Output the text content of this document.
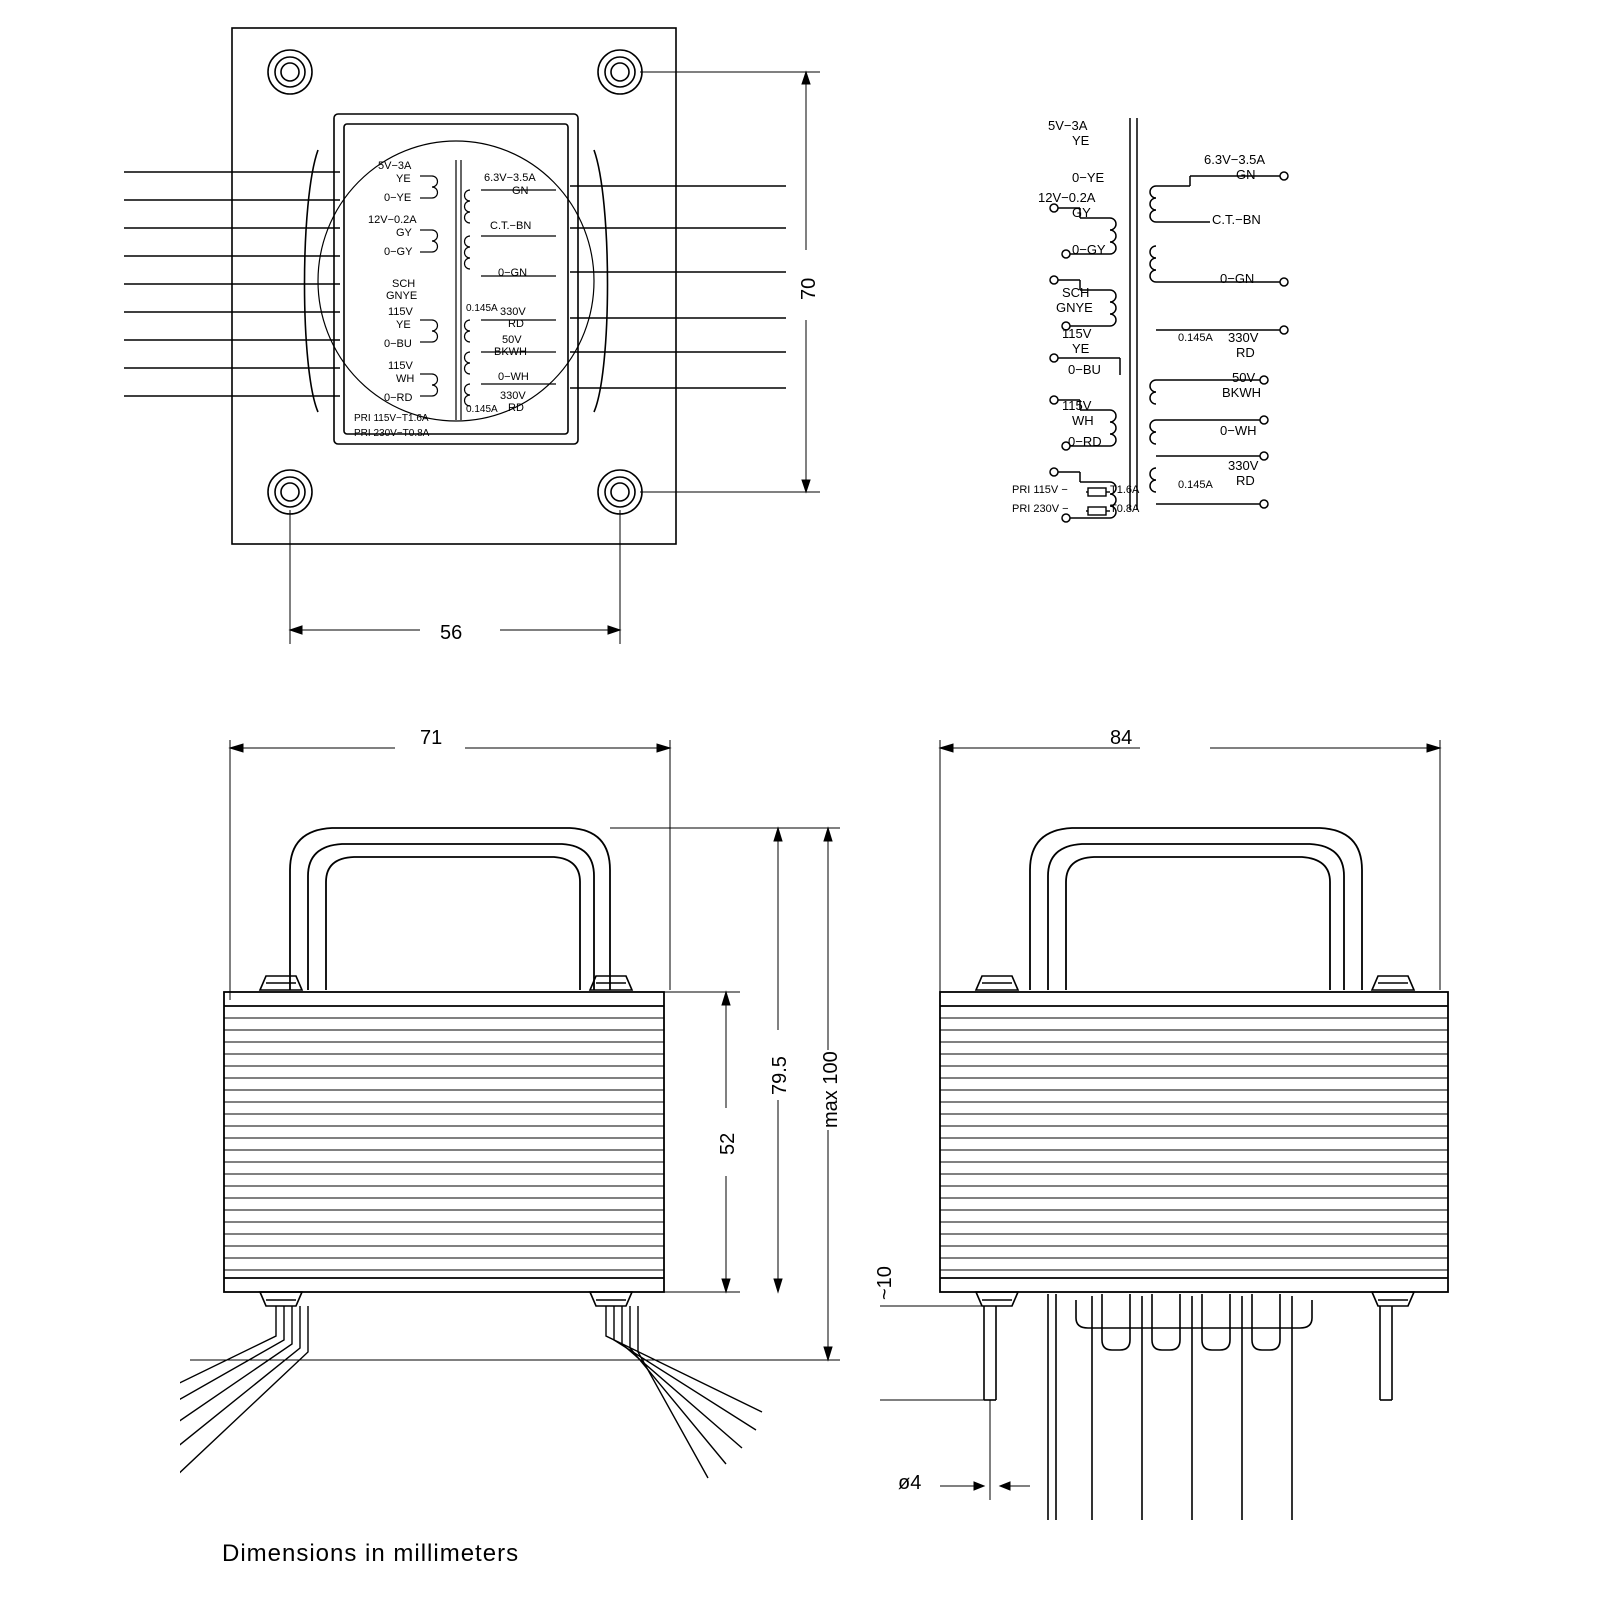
5V−3A
YE
0−YE
12V−0.2A
GY
0−GY
SCH
GNYE
115V
YE
0−BU
115V
WH
0−RD
6.3V−3.5A
GN
C.T.−BN
0−GN
330V
RD
50V
BKWH
0−WH
330V
RD
0.145A
0.145A
PRI 115V−T1.6A
PRI 230V−T0.8A
70
56
5V−3A
YE
0−YE
12V−0.2A
GY
0−GY
SCH
GNYE
115V
YE
0−BU
115V
WH
0−RD
6.3V−3.5A
GN
C.T.−BN
0−GN
330V
RD
50V
BKWH
0−WH
330V
RD
0.145A
0.145A
PRI 115V −	T1.6A
PRI 230V −	T0.8A
71
52
79.5 max 100
84
~10
ø4
Dimensions in millimeters
